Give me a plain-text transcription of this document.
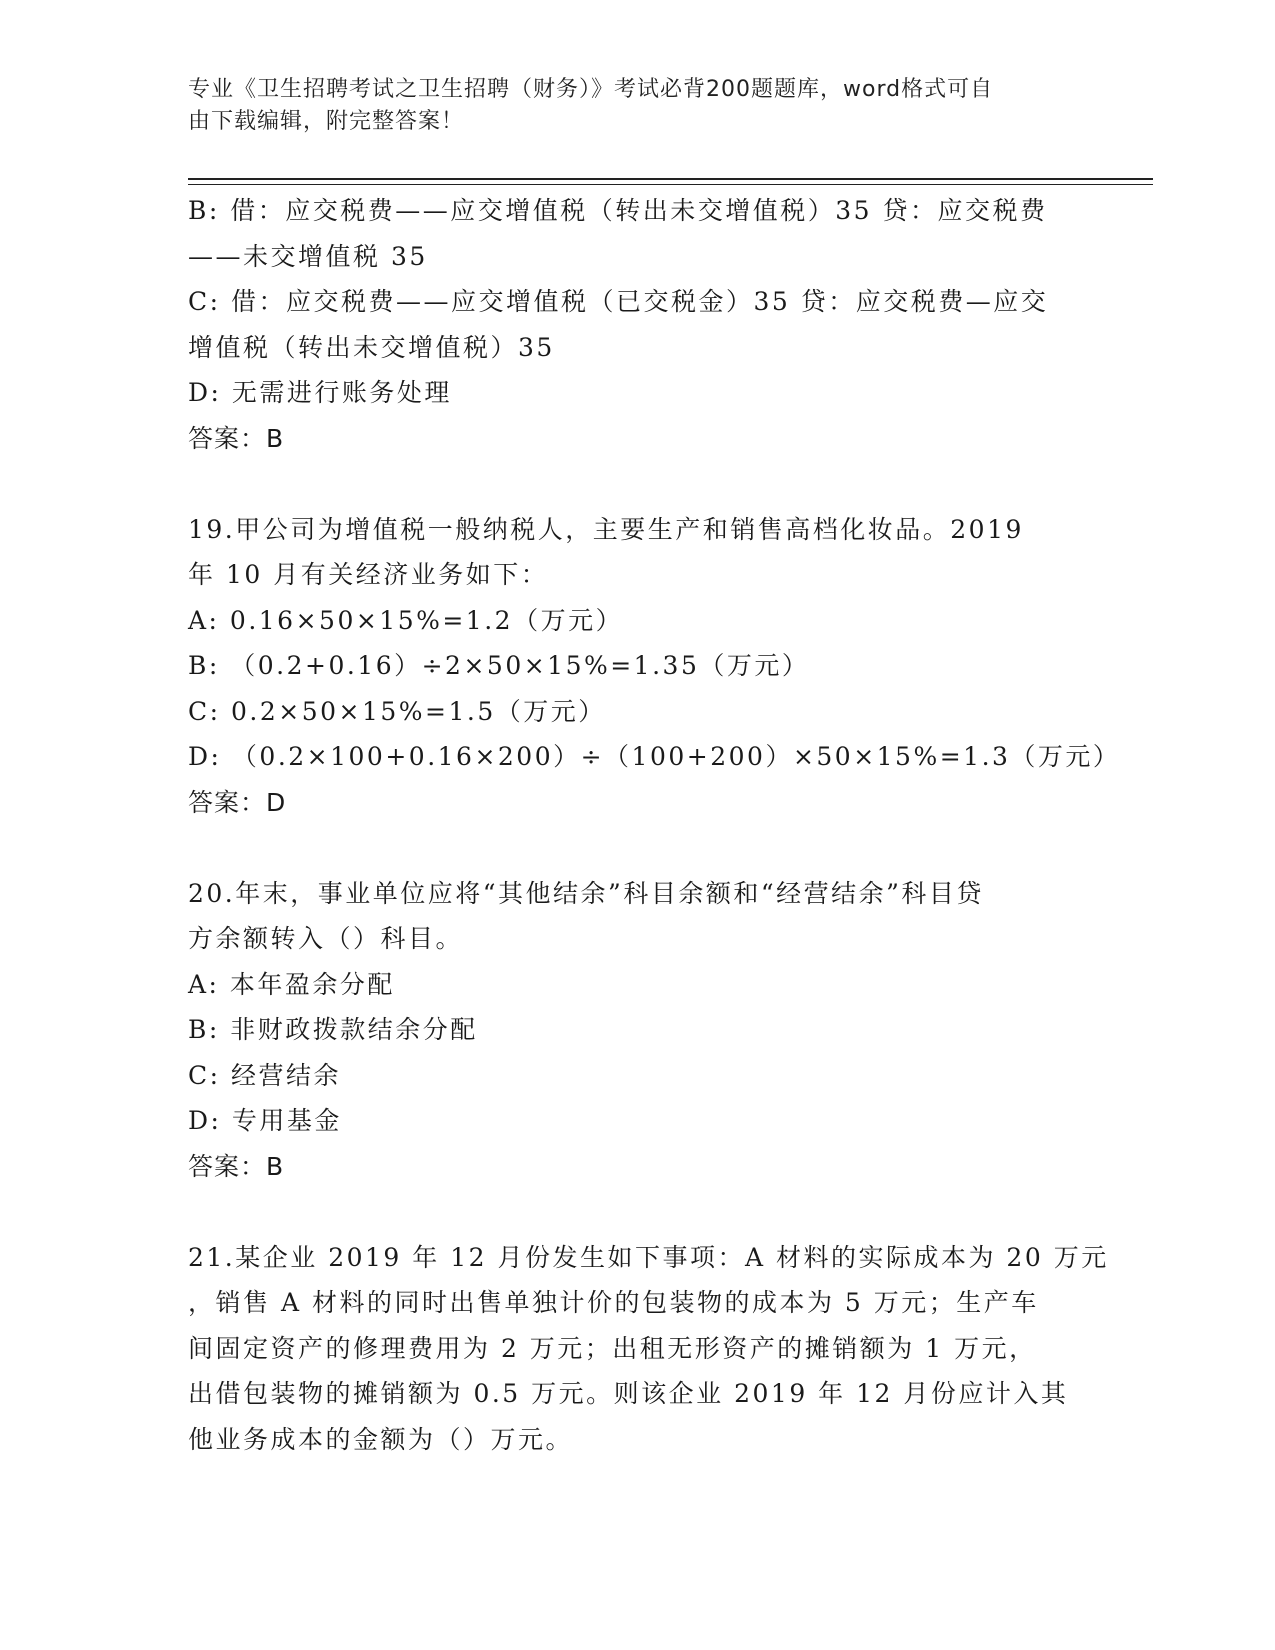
专业《卫生招聘考试之卫生招聘（财务）》考试必背200题题库，word格式可自
由下载编辑，附完整答案！
B: 借：应交税费——应交增值税（转出未交增值税）35 贷：应交税费
——未交增值税 35
C: 借：应交税费——应交增值税（已交税金）35 贷：应交税费—应交
增值税（转出未交增值税）35
D: 无需进行账务处理
答案：B
19.甲公司为增值税一般纳税人，主要生产和销售高档化妆品。2019
年 10 月有关经济业务如下：
A: 0.16×50×15%=1.2（万元）
B: （0.2+0.16）÷2×50×15%=1.35（万元）
C: 0.2×50×15%=1.5（万元）
D: （0.2×100+0.16×200）÷（100+200）×50×15%=1.3（万元）
答案：D
20.年末，事业单位应将“其他结余”科目余额和“经营结余”科目贷
方余额转入（）科目。
A: 本年盈余分配
B: 非财政拨款结余分配
C: 经营结余
D: 专用基金
答案：B
21.某企业 2019 年 12 月份发生如下事项：A 材料的实际成本为 20 万元
，销售 A 材料的同时出售单独计价的包装物的成本为 5 万元；生产车
间固定资产的修理费用为 2 万元；出租无形资产的摊销额为 1 万元，
出借包装物的摊销额为 0.5 万元。则该企业 2019 年 12 月份应计入其
他业务成本的金额为（）万元。
